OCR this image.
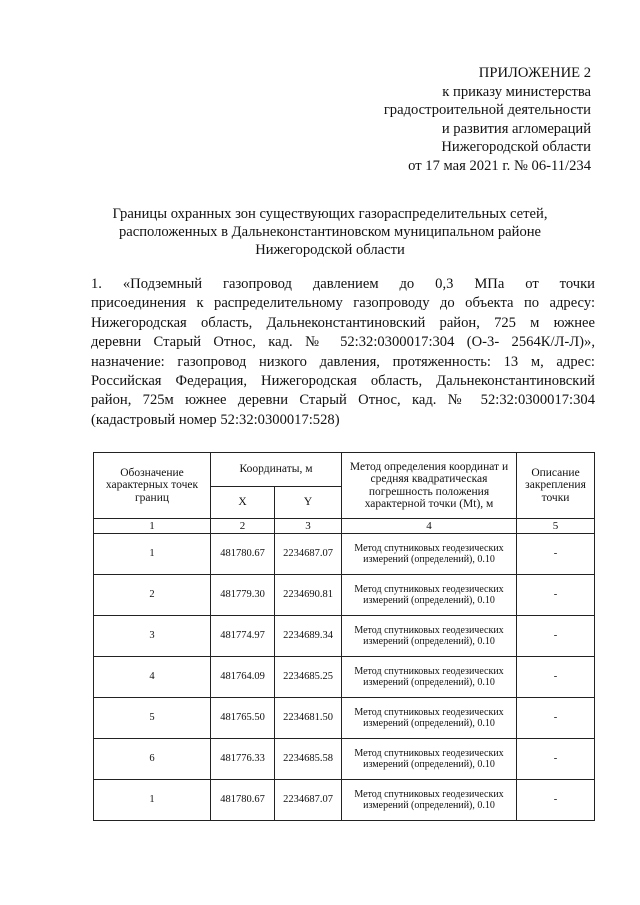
ПРИЛОЖЕНИЕ 2
к приказу министерства
градостроительной деятельности
и развития агломераций
Нижегородской области
от 17 мая 2021 г. № 06-11/234
Границы охранных зон существующих газораспределительных сетей,
расположенных в Дальнеконстантиновском муниципальном районе
Нижегородской области
1. «Подземный газопровод давлением до 0,3 МПа от точки
присоединения к распределительному газопроводу до объекта по адресу:
Нижегородская область, Дальнеконстантиновский район, 725 м южнее
деревни Старый Относ, кад. № 52:32:0300017:304 (О-3- 2564К/Л-Л)»,
назначение: газопровод низкого давления, протяженность: 13 м, адрес:
Российская Федерация, Нижегородская область, Дальнеконстантиновский
район, 725м южнее деревни Старый Относ, кад. № 52:32:0300017:304
(кадастровый номер 52:32:0300017:528)
Обозначение характерных точек границ	Координаты, м		Метод определения координат и средняя квадратическая погрешность положения характерной точки (Mt), м	Описание закрепления точки
	X	Y		
1	2	3	4	5
1	481780.67	2234687.07	Метод спутниковых геодезических измерений (определений), 0.10	-
2	481779.30	2234690.81	Метод спутниковых геодезических измерений (определений), 0.10	-
3	481774.97	2234689.34	Метод спутниковых геодезических измерений (определений), 0.10	-
4	481764.09	2234685.25	Метод спутниковых геодезических измерений (определений), 0.10	-
5	481765.50	2234681.50	Метод спутниковых геодезических измерений (определений), 0.10	-
6	481776.33	2234685.58	Метод спутниковых геодезических измерений (определений), 0.10	-
1	481780.67	2234687.07	Метод спутниковых геодезических измерений (определений), 0.10	-
